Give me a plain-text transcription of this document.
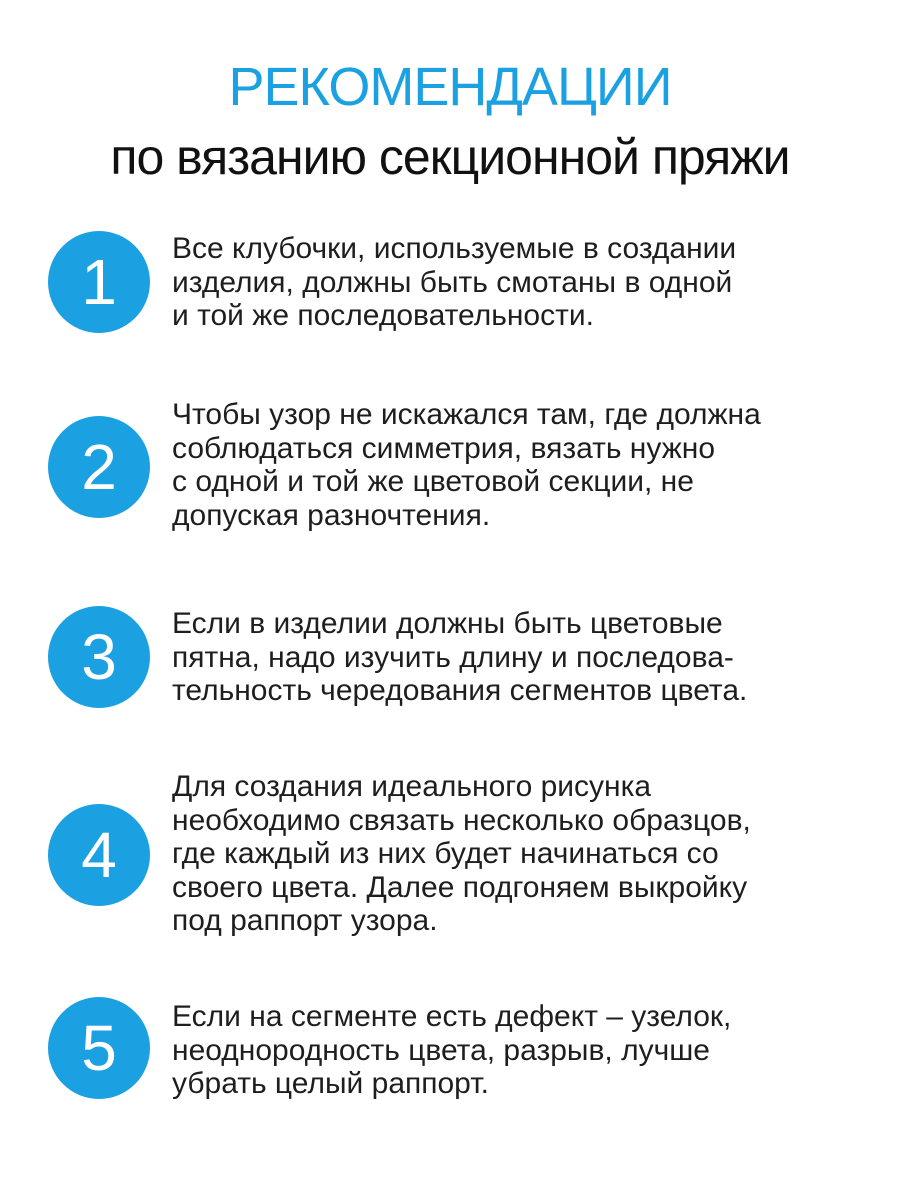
РЕКОМЕНДАЦИИ
по вязанию секционной пряжи
1	Все клубочки, используемые в создании
изделия, должны быть смотаны в одной
и той же последовательности.

2

Чтобы узор не искажался там, где должна
соблюдаться симметрия, вязать нужно
с одной и той же цветовой секции, не
допуская разночтения.

3	Если в изделии должны быть цветовые
пятна, надо изучить длину и последова-
тельность чередования сегментов цвета.

4

Для создания идеального рисунка
необходимо связать несколько образцов,
где каждый из них будет начинаться со
своего цвета. Далее подгоняем выкройку
под раппорт узора.

5	Если на сегменте есть дефект – узелок,
неоднородность цвета, разрыв, лучше
убрать целый раппорт.
